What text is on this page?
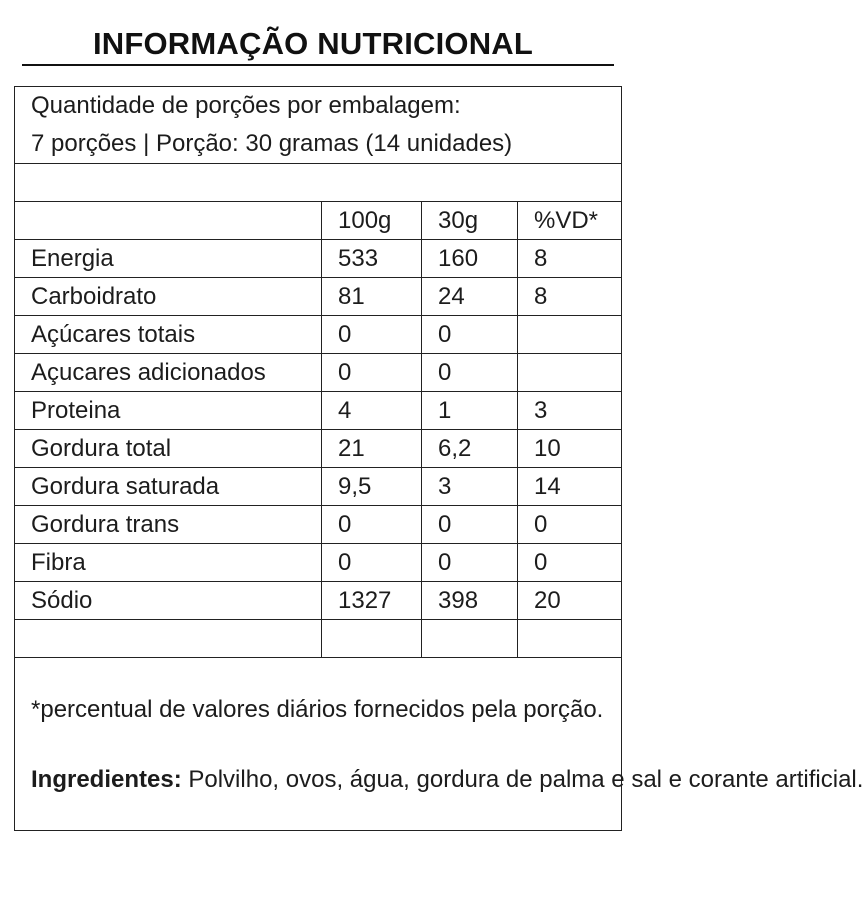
INFORMAÇÃO NUTRICIONAL
Quantidade de porções por embalagem:
7 porções | Porção: 30 gramas (14 unidades)			

	100g	30g	%VD*
Energia	533	160	8
Carboidrato	81	24	8
Açúcares totais	0	0	
Açucares adicionados	0	0	
Proteina	4	1	3
Gordura total	21	6,2	10
Gordura saturada	9,5	3	14
Gordura trans	0	0	0
Fibra	0	0	0
Sódio	1327	398	20

*percentual de valores diários fornecidos pela porção.
Ingredientes: Polvilho, ovos, água, gordura de palma e sal e corante artificial.			
